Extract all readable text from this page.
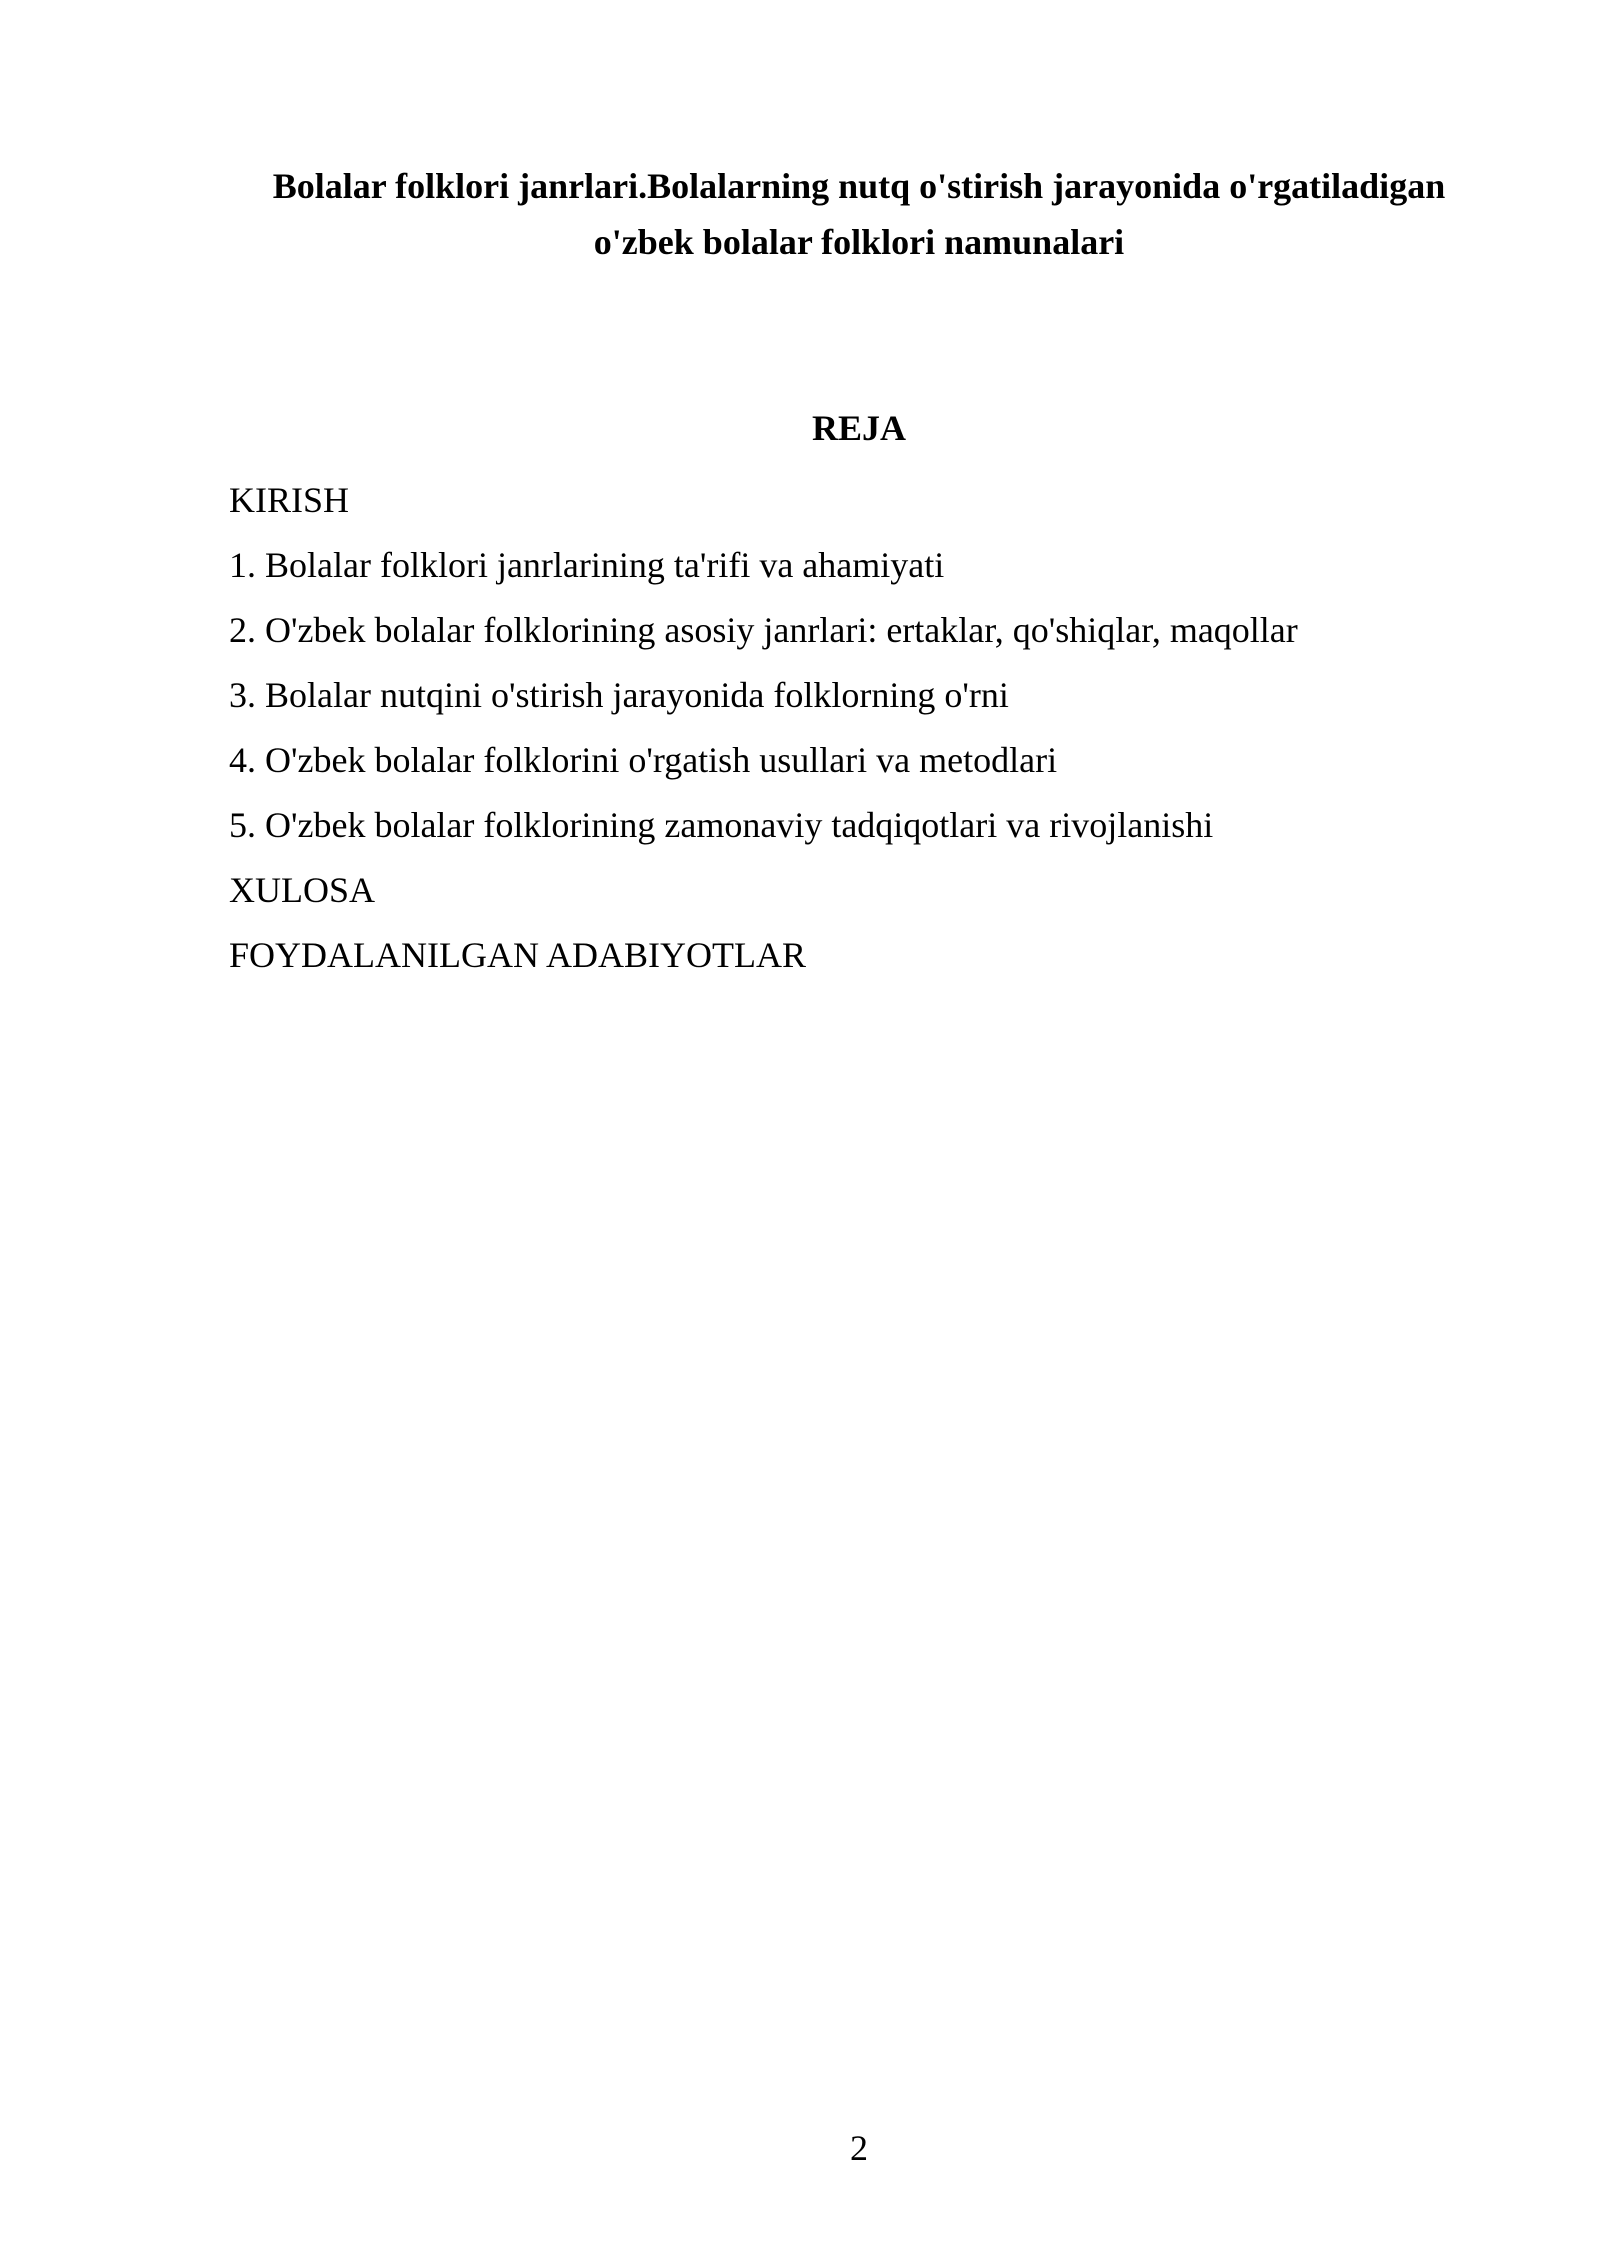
Bolalar folklori janrlari.Bolalarning nutq o'stirish jarayonida o'rgatiladigan
o'zbek bolalar folklori namunalari
REJA
KIRISH
1. Bolalar folklori janrlarining ta'rifi va ahamiyati
2. O'zbek bolalar folklorining asosiy janrlari: ertaklar, qo'shiqlar, maqollar
3. Bolalar nutqini o'stirish jarayonida folklorning o'rni
4. O'zbek bolalar folklorini o'rgatish usullari va metodlari
5. O'zbek bolalar folklorining zamonaviy tadqiqotlari va rivojlanishi
XULOSA
FOYDALANILGAN ADABIYOTLAR
2
